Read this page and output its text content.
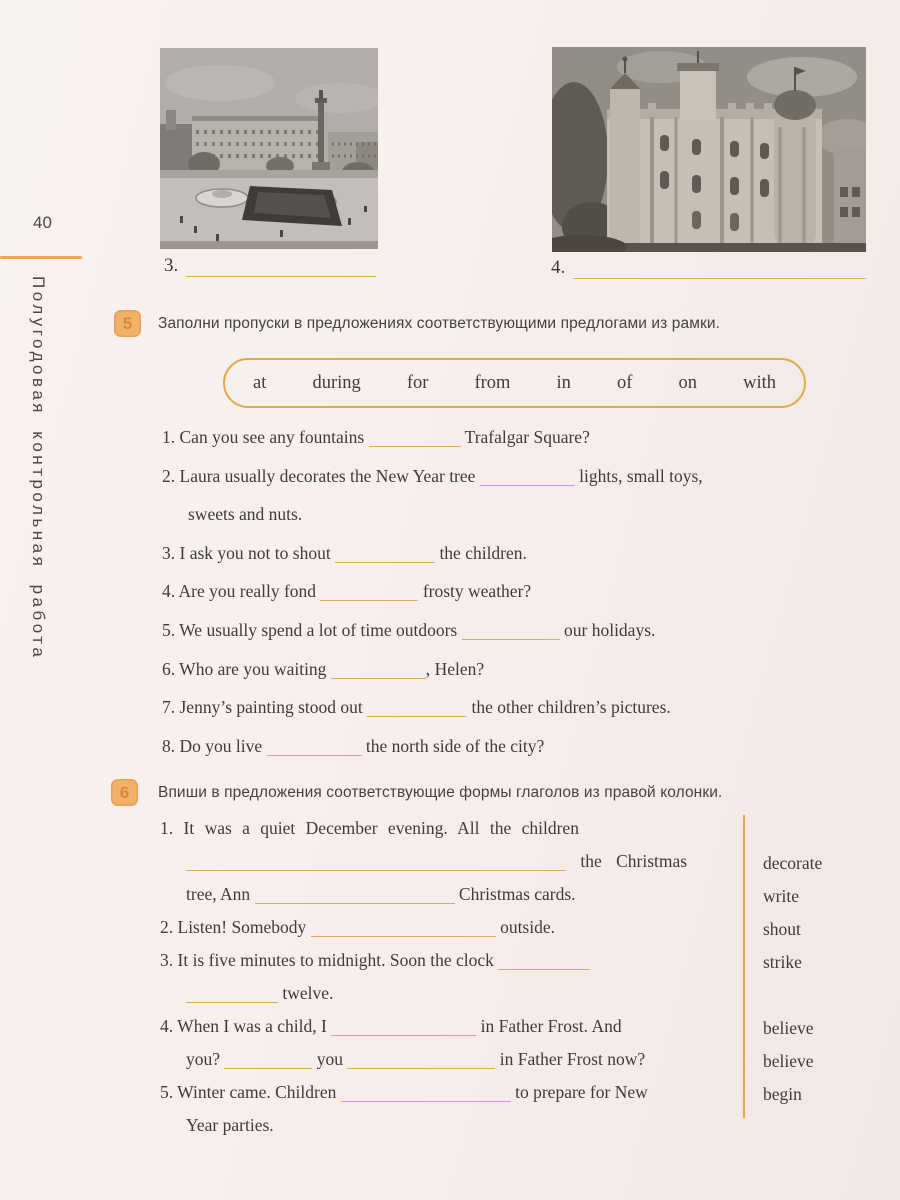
40
Полугодовая контрольная работа
3.	4.
5	Заполни пропуски в предложениях соответствующими предлогами из рамки.
at during for from in of on with
1. Can you see any fountains	Trafalgar Square?
2. Laura usually decorates the New Year tree	lights, small toys,
sweets and nuts.
3. I ask you not to shout	the children.
4. Are you really fond	frosty weather?
5. We usually spend a lot of time outdoors	our holidays.
6. Who are you waiting	, Helen?
7. Jenny’s painting stood out	the other children’s pictures.
8. Do you live	the north side of the city?
6	Впиши в предложения соответствующие формы глаголов из правой колонки.
1. It was a quiet December evening. All the children
the Christmas
tree, Ann	Christmas cards.
2. Listen! Somebody	outside.
3. It is five minutes to midnight. Soon the clock
twelve.
4. When I was a child, I	in Father Frost. And
you?	you	in Father Frost now?
5. Winter came. Children	to prepare for New
Year parties.
decorate
write
shout
strike
believe
believe
begin
